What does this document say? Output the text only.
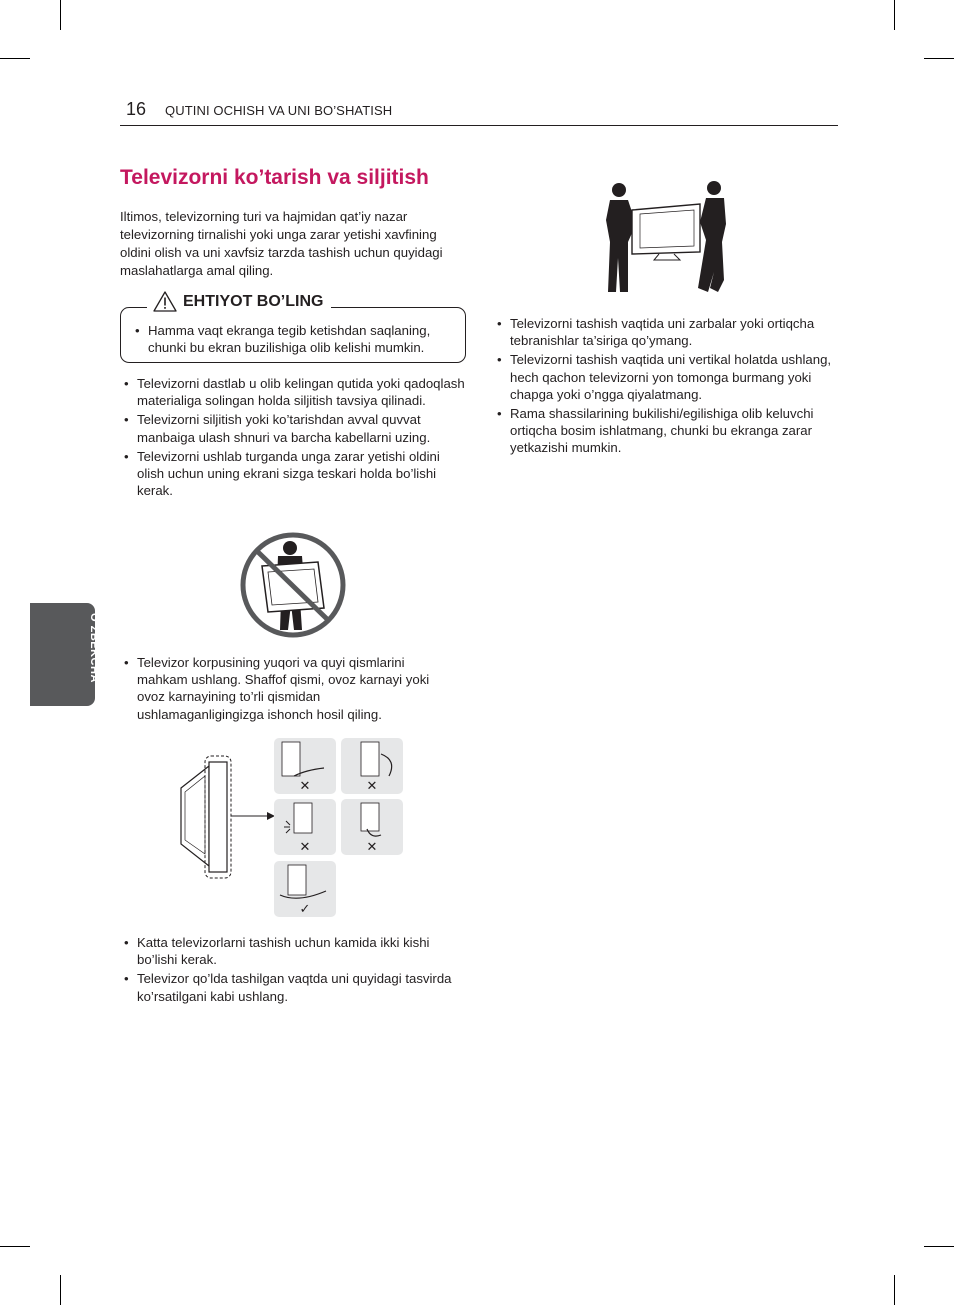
16 QUTINI OCHISH VA UNI BO’SHATISH
Televizorni ko’tarish va siljitish

Iltimos, televizorning turi va hajmidan qat’iy nazar televizorning tirnalishi yoki unga zarar yetishi xavfining oldini olish va uni xavfsiz tarzda tashish uchun quyidagi maslahatlarga amal qiling.

EHTIYOT BO’LING
• Hamma vaqt ekranga tegib ketishdan saqlaning, chunki bu ekran buzilishiga olib kelishi mumkin.
• Televizorni dastlab u olib kelingan qutida yoki qadoqlash materialiga solingan holda siljitish tavsiya qilinadi.
• Televizorni siljitish yoki ko’tarishdan avval quvvat manbaiga ulash shnuri va barcha kabellarni uzing.
• Televizorni ushlab turganda unga zarar yetishi oldini olish uchun uning ekrani sizga teskari holda bo’lishi kerak.
• Televizor korpusining yuqori va quyi qismlarini mahkam ushlang. Shaffof qismi, ovoz karnayi yoki ovoz karnayining to’rli qismidan ushlamaganligingizga ishonch hosil qiling.
✕	✕
✕	✕
✓
• Katta televizorlarni tashish uchun kamida ikki kishi bo’lishi kerak.
• Televizor qo’lda tashilgan vaqtda uni quyidagi tasvirda ko’rsatilgani kabi ushlang.
• Televizorni tashish vaqtida uni zarbalar yoki ortiqcha tebranishlar ta’siriga qo’ymang.
• Televizorni tashish vaqtida uni vertikal holatda ushlang, hech qachon televizorni yon tomonga burmang yoki chapga yoki o’ngga qiyalatmang.
• Rama shassilarining bukilishi/egilishiga olib keluvchi ortiqcha bosim ishlatmang, chunki bu ekranga zarar yetkazishi mumkin.
O’ZBEKCHA
